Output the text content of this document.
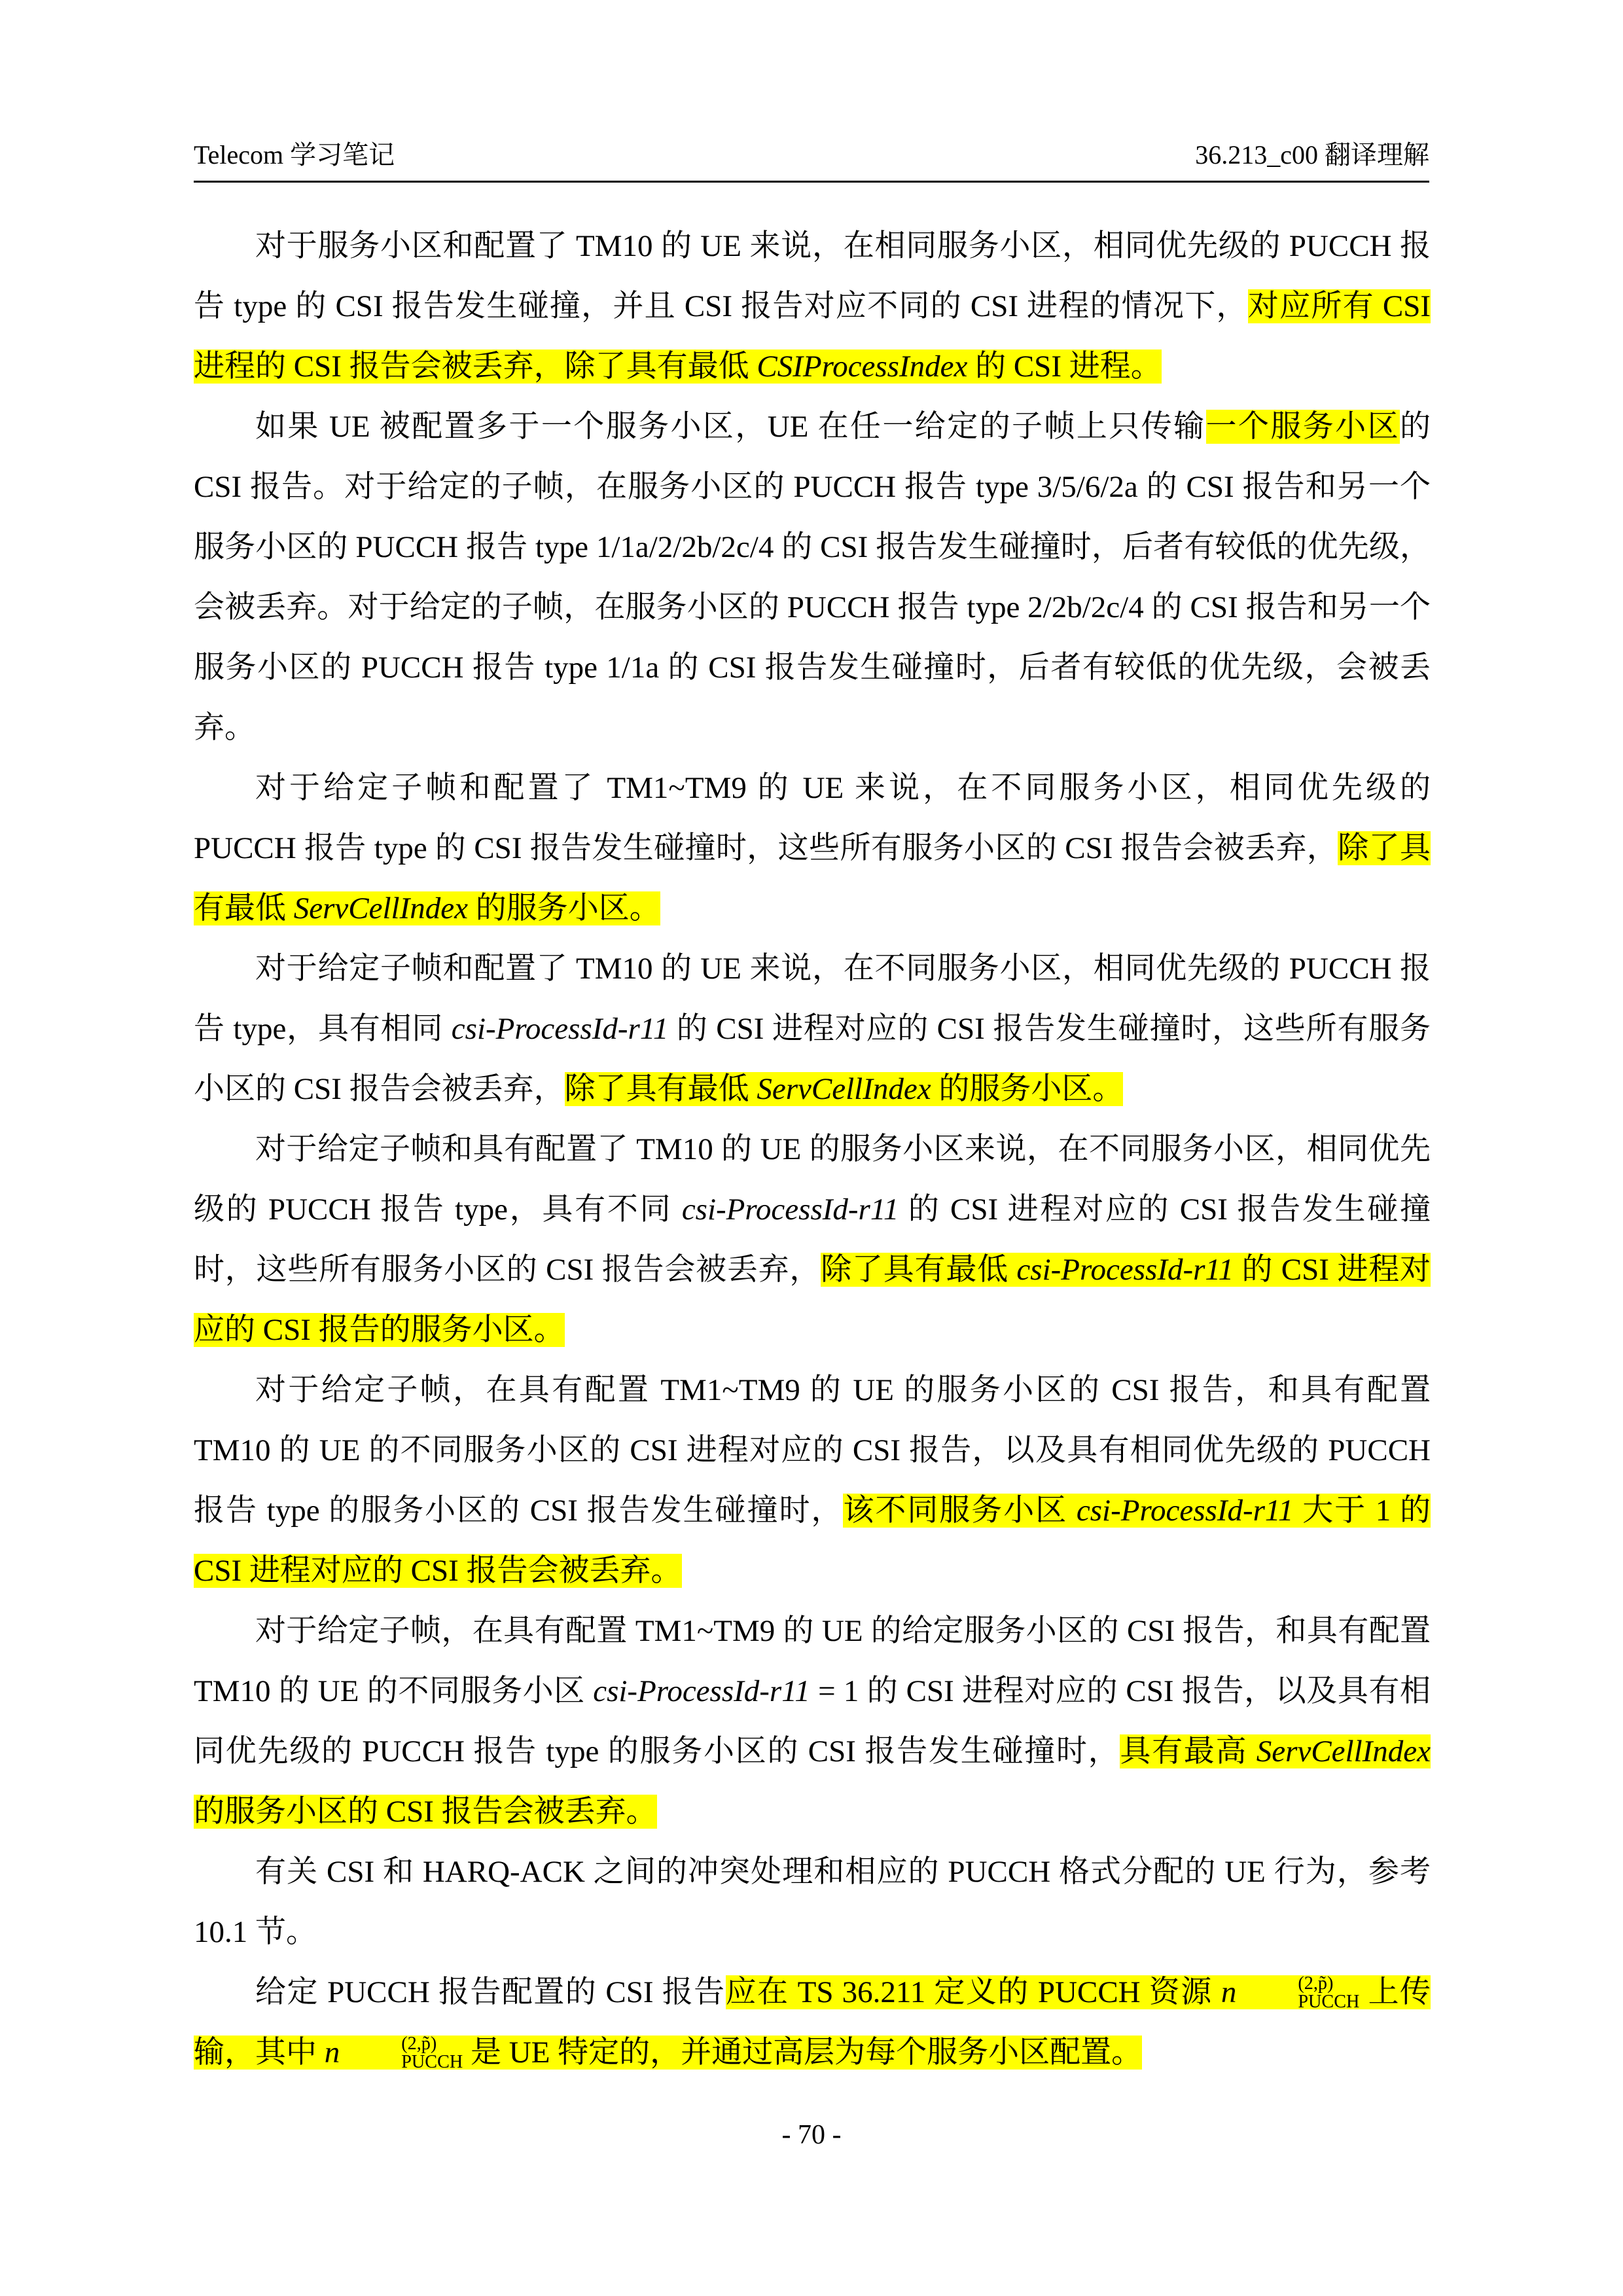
Telecom 学习笔记	36.213_c00 翻译理解

对于服务小区和配置了 TM10 的 UE 来说，在相同服务小区，相同优先级的 PUCCH 报告 type 的 CSI 报告发生碰撞，并且 CSI 报告对应不同的 CSI 进程的情况下，对应所有 CSI 进程的 CSI 报告会被丢弃，除了具有最低 CSIProcessIndex 的 CSI 进程。

如果 UE 被配置多于一个服务小区，UE 在任一给定的子帧上只传输一个服务小区的 CSI 报告。对于给定的子帧，在服务小区的 PUCCH 报告 type 3/5/6/2a 的 CSI 报告和另一个服务小区的 PUCCH 报告 type 1/1a/2/2b/2c/4 的 CSI 报告发生碰撞时，后者有较低的优先级，会被丢弃。对于给定的子帧，在服务小区的 PUCCH 报告 type 2/2b/2c/4 的 CSI 报告和另一个服务小区的 PUCCH 报告 type 1/1a 的 CSI 报告发生碰撞时，后者有较低的优先级，会被丢弃。

对于给定子帧和配置了 TM1~TM9 的 UE 来说，在不同服务小区，相同优先级的 PUCCH 报告 type 的 CSI 报告发生碰撞时，这些所有服务小区的 CSI 报告会被丢弃，除了具有最低 ServCellIndex 的服务小区。

对于给定子帧和配置了 TM10 的 UE 来说，在不同服务小区，相同优先级的 PUCCH 报告 type，具有相同 csi-ProcessId-r11 的 CSI 进程对应的 CSI 报告发生碰撞时，这些所有服务小区的 CSI 报告会被丢弃，除了具有最低 ServCellIndex 的服务小区。

对于给定子帧和具有配置了 TM10 的 UE 的服务小区来说，在不同服务小区，相同优先级的 PUCCH 报告 type，具有不同 csi-ProcessId-r11 的 CSI 进程对应的 CSI 报告发生碰撞时，这些所有服务小区的 CSI 报告会被丢弃，除了具有最低 csi-ProcessId-r11 的 CSI 进程对应的 CSI 报告的服务小区。

对于给定子帧，在具有配置 TM1~TM9 的 UE 的服务小区的 CSI 报告，和具有配置 TM10 的 UE 的不同服务小区的 CSI 进程对应的 CSI 报告，以及具有相同优先级的 PUCCH 报告 type 的服务小区的 CSI 报告发生碰撞时，该不同服务小区 csi-ProcessId-r11 大于 1 的 CSI 进程对应的 CSI 报告会被丢弃。

对于给定子帧，在具有配置 TM1~TM9 的 UE 的给定服务小区的 CSI 报告，和具有配置 TM10 的 UE 的不同服务小区 csi-ProcessId-r11 = 1 的 CSI 进程对应的 CSI 报告，以及具有相同优先级的 PUCCH 报告 type 的服务小区的 CSI 报告发生碰撞时，具有最高 ServCellIndex 的服务小区的 CSI 报告会被丢弃。

有关 CSI 和 HARQ-ACK 之间的冲突处理和相应的 PUCCH 格式分配的 UE 行为，参考 10.1 节。

给定 PUCCH 报告配置的 CSI 报告应在 TS 36.211 定义的 PUCCH 资源 n	(2,p̃)
PUCCH 上传输，其中 n	(2,p̃)
PUCCH 是 UE 特定的，并通过高层为每个服务小区配置。

- 70 -
